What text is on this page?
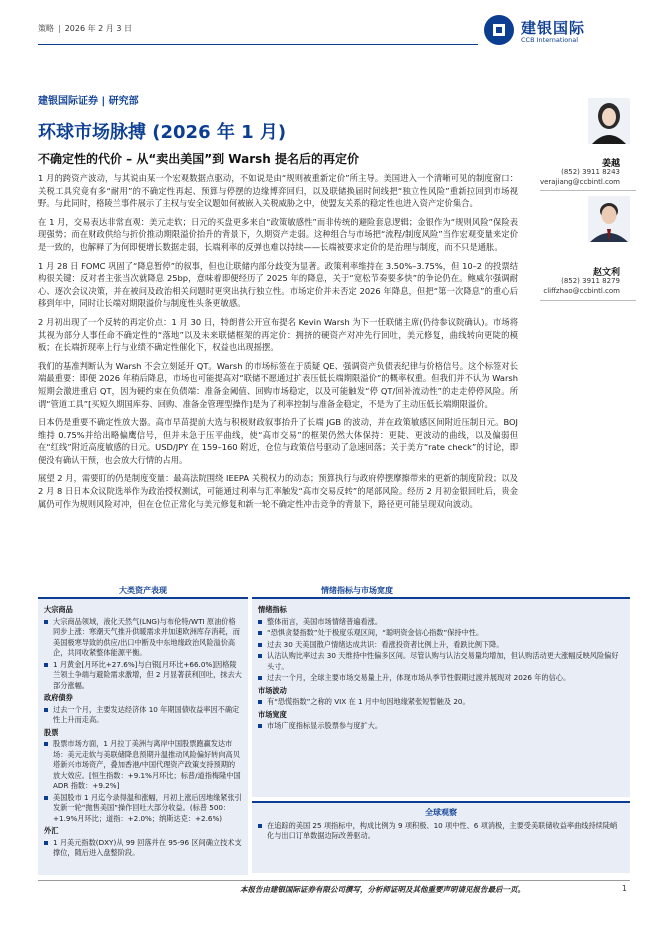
策略 | 2026 年 2 月 3 日	建银国际
CCB International
建银国际证券 | 研究部
环球市场脉搏 (2026 年 1 月)
不确定性的代价 – 从“卖出美国”到 Warsh 提名后的再定价

1 月的跨资产波动，与其说由某一个宏观数据点驱动，不如说是由“规则被重新定价”所主导。美国进入一个清晰可见的制度窗口：关税工具究竟有多“耐用”的不确定性再起、预算与停摆的边缘博弈回归，以及联储换届时间线把“独立性风险”重新拉回到市场视野。与此同时，格陵兰事件展示了主权与安全议题如何被嵌入关税威胁之中，使盟友关系的稳定性也进入资产定价集合。

在 1 月，交易表达非常直观：美元走软；日元的买盘更多来自“政策敏感性”而非传统的避险套息逻辑；金银作为“规则风险”保险表现强势；而在财政供给与折价推动期限溢价抬升的背景下，久期资产走弱。这种组合与市场把“流程/制度风险”当作宏观变量来定价是一致的，也解释了为何即便增长数据走弱，长端利率的反弹也难以持续——长端被要求定价的是治理与制度，而不只是通胀。

1 月 28 日 FOMC 巩固了“降息暂停”的叙事，但也让联储内部分歧变为显著。政策利率维持在 3.50%–3.75%，但 10–2 的投票结构很关键：反对者主张当次就降息 25bp，意味着即便经历了 2025 年的降息，关于“宽松节奏要多快”的争论仍在。鲍威尔强调耐心、逐次会议决策，并在被问及政治相关问题时更突出执行独立性。市场定价并未否定 2026 年降息，但把“第一次降息”的重心后移到年中，同时让长端对期限溢价与制度性头条更敏感。

2 月初出现了一个反转的再定价点：1 月 30 日，特朗普公开宣布提名 Kevin Warsh 为下一任联储主席(仍待参议院确认)。市场将其视为部分人事任命不确定性的“落地”以及未来联储框架的再定价：拥挤的硬资产对冲先行回吐，美元修复，曲线转向更陡的模板；在长端折现率上行与业绩不确定性催化下，权益也出现摇摆。

我们的基准判断认为 Warsh 不会立刻延开 QT。Warsh 的市场标签在于质疑 QE、强调资产负债表纪律与价格信号。这个标签对长端最重要：即便 2026 年稍后降息，市场也可能提高对“联储不愿通过扩表压低长端期限溢价”的概率权重。但我们并不认为 Warsh 短期会激进重启 QT，因为硬约束在负债端：准备金阈值、回购市场稳定，以及可能触发“停 QT/回补流动性”的走走停停风险。所谓“管道工具”[买短久期国库券、回购、准备金管理型操作]是为了利率控制与准备金稳定，不是为了主动压低长端期限溢价。

日本仍是重要不确定性放大器。高市早苗提前大选与积极财政叙事抬升了长端 JGB 的波动，并在政策敏感区间附近压制日元。BOJ 维持 0.75%并给出略偏鹰信号，但并未急于压平曲线，使“高市交易”的框架仍然大体保持：更陡、更波动的曲线，以及偏弱但在“红线”附近高度敏感的日元。USD/JPY 在 159–160 附近，仓位与政策信号驱动了急速回落；关于美方“rate check”的讨论，即便没有确认干预，也会放大行情的占用。

展望 2 月，需要盯的仍是制度变量：最高法院围绕 IEEPA 关税权力的动态；预算执行与政府停摆摩擦带来的更新的制度阶段；以及 2 月 8 日日本众议院选举作为政治授权测试，可能通过利率与汇率触发“高市交易反转”的尾部风险。经历 2 月初金银回吐后，贵金属仍可作为规则风险对冲，但在仓位正常化与美元修复和新一轮不确定性冲击竞争的背景下，路径更可能呈现双向波动。

姜越
(852) 3911 8243
verajiang@ccbintl.com
赵文利
(852) 3911 8279
cliffzhao@ccbintl.com
大类资产表现	情绪指标与市场宽度
大宗商品
大宗商品领域，液化天然气(LNG)与布伦特/WTI 原油价格同步上涨：寒潮天气推升供暖需求并加速欧洲库存消耗，而美国极寒导致的供应/出口中断及中东地缘政治风险溢价高企，共同收紧整体能源平衡。
1 月黄金[月环比+27.6%]与白银[月环比+66.0%]因格陵兰领土争端与避险需求激增，但 2 月显著获利回吐，抹去大部分涨幅。
政府债券
过去一个月，主要发达经济体 10 年期国债收益率因不确定性上升而走高。
股票
股票市场方面，1 月拉丁美洲与离岸中国股票跑赢发达市场：美元走软与美联储降息预期升温推动风险偏好转向高贝塔新兴市场资产，叠加香港/中国代理资产政策支持预期的放大效应。[恒生指数：+9.1%月环比；标普/道指梅隆中国 ADR 指数：+9.2%]
美国股市 1 月迄今录得温和涨幅，月初上涨后因地缘紧张引发新一轮“抛售美国”操作回吐大部分收益。(标普 500：+1.9%月环比；道指：+2.0%；纳斯达克：+2.6%)
外汇
1 月美元指数(DXY)从 99 回落并在 95-96 区间确立技术支撑位，随后进入盘整阶段。
情绪指标
整体而言，美国市场情绪普遍看涨。
“恐惧贪婪指数”处于极度乐观区间，“聪明资金信心指数”保持中性。
过去 30 天美国散户情绪达成共识：看涨投资者比例上升，看跌比例下降。
认沽认购比率过去 30 天维持中性偏多区间。尽管认购与认沽交易量均增加，但认购活动更大涨幅反映风险偏好头寸。
过去一个月，全球主要市场交易量上升，体现市场从季节性假期过渡并展现对 2026 年的信心。
市场波动
有“恐慌指数”之称的 VIX 在 1 月中旬因地缘紧张短暂触及 20。
市场宽度
市场广度指标显示股票参与度扩大。
全球观察
在追踪的美国 25 项指标中，构成比例为 9 项积极、10 项中性、6 项消极，主要受美联储收益率曲线持续陡峭化与出口订单数据边际改善驱动。
本报告由建银国际证券有限公司撰写，分析师证明及其他重要声明请见报告最后一页。	1
